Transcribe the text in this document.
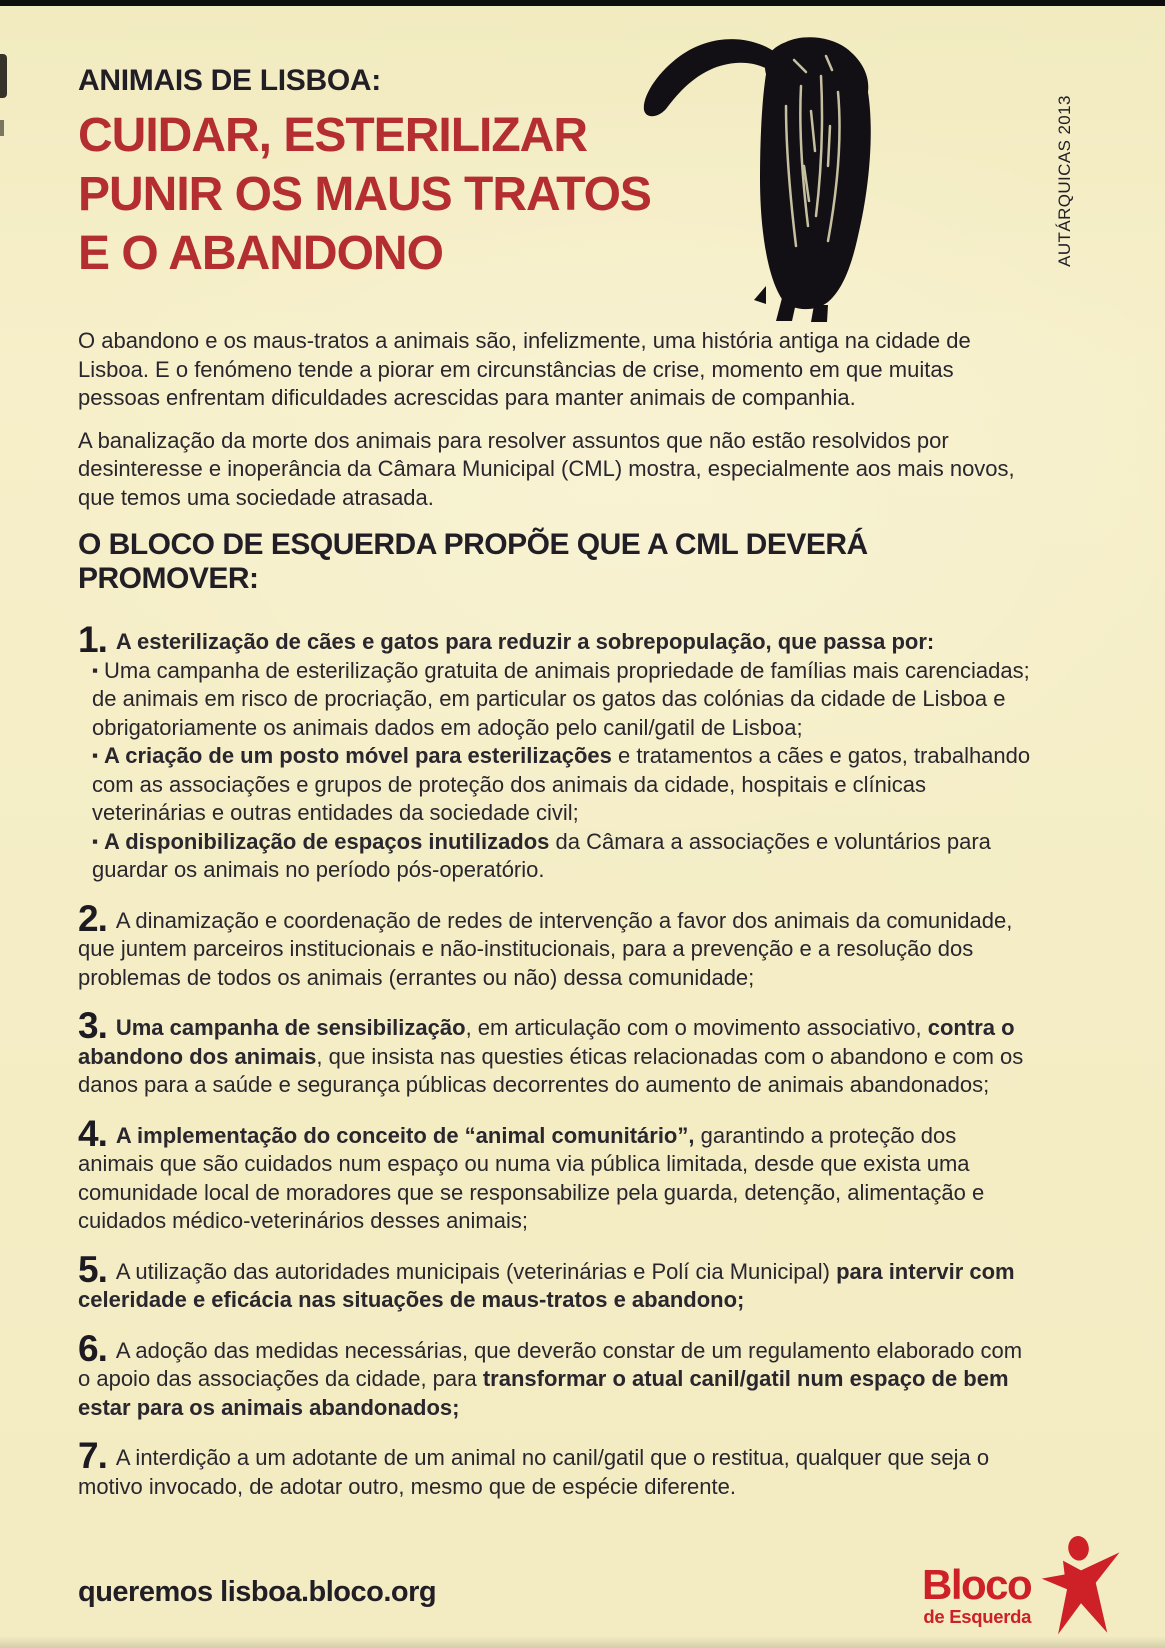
AUTÁRQUICAS 2013
ANIMAIS DE LISBOA:
CUIDAR, ESTERILIZAR
PUNIR OS MAUS TRATOS
E O ABANDONO

O abandono e os maus-tratos a animais são, infelizmente, uma história antiga na cidade de Lisboa. E o fenómeno tende a piorar em circunstâncias de crise, momento em que muitas pessoas enfrentam dificuldades acrescidas para manter animais de companhia.

A banalização da morte dos animais para resolver assuntos que não estão resolvidos por desinteresse e inoperância da Câmara Municipal (CML) mostra, especialmente aos mais novos, que temos uma sociedade atrasada.

O BLOCO DE ESQUERDA PROPÕE QUE A CML DEVERÁ PROMOVER:

1. A esterilização de cães e gatos para reduzir a sobrepopulação, que passa por:

▪ Uma campanha de esterilização gratuita de animais propriedade de famílias mais carenciadas; de animais em risco de procriação, em particular os gatos das colónias da cidade de Lisboa e obrigatoriamente os animais dados em adoção pelo canil/gatil de Lisboa;

▪ A criação de um posto móvel para esterilizações e tratamentos a cães e gatos, trabalhando com as associações e grupos de proteção dos animais da cidade, hospitais e clínicas veterinárias e outras entidades da sociedade civil;

▪ A disponibilização de espaços inutilizados da Câmara a associações e voluntários para guardar os animais no período pós-operatório.

2. A dinamização e coordenação de redes de intervenção a favor dos animais da comunidade, que juntem parceiros institucionais e não-institucionais, para a prevenção e a resolução dos problemas de todos os animais (errantes ou não) dessa comunidade;

3. Uma campanha de sensibilização, em articulação com o movimento associativo, contra o abandono dos animais, que insista nas questies éticas relacionadas com o abandono e com os danos para a saúde e segurança públicas decorrentes do aumento de animais abandonados;

4. A implementação do conceito de “animal comunitário”, garantindo a proteção dos animais que são cuidados num espaço ou numa via pública limitada, desde que exista uma comunidade local de moradores que se responsabilize pela guarda, detenção, alimentação e cuidados médico-veterinários desses animais;

5. A utilização das autoridades municipais (veterinárias e Polí cia Municipal) para intervir com celeridade e eficácia nas situações de maus-tratos e abandono;

6. A adoção das medidas necessárias, que deverão constar de um regulamento elaborado com o apoio das associações da cidade, para transformar o atual canil/gatil num espaço de bem estar para os animais abandonados;

7. A interdição a um adotante de um animal no canil/gatil que o restitua, qualquer que seja o motivo invocado, de adotar outro, mesmo que de espécie diferente.

queremos lisboa.bloco.org	Bloco
de Esquerda
